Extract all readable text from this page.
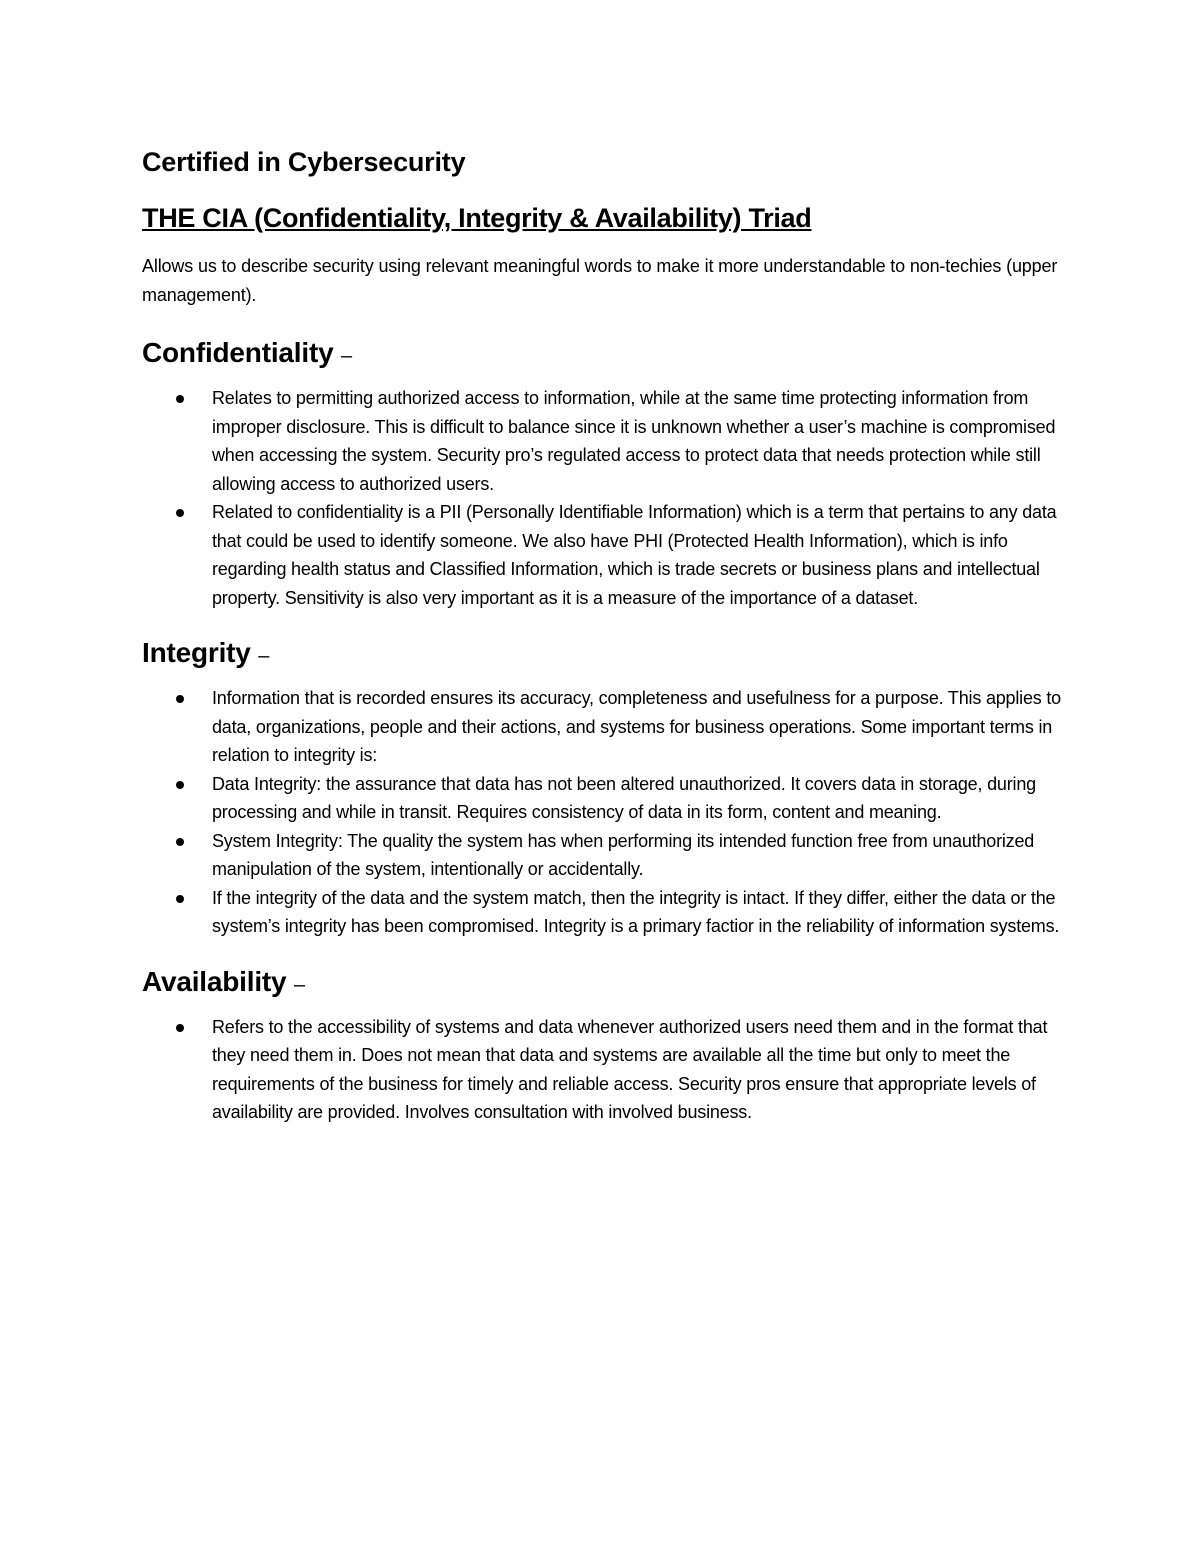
Certified in Cybersecurity
THE CIA (Confidentiality, Integrity & Availability) Triad

Allows us to describe security using relevant meaningful words to make it more understandable to non-techies (upper management).

Confidentiality –
Relates to permitting authorized access to information, while at the same time protecting information from improper disclosure. This is difficult to balance since it is unknown whether a user’s machine is compromised when accessing the system. Security pro’s regulated access to protect data that needs protection while still allowing access to authorized users.
Related to confidentiality is a PII (Personally Identifiable Information) which is a term that pertains to any data that could be used to identify someone. We also have PHI (Protected Health Information), which is info regarding health status and Classified Information, which is trade secrets or business plans and intellectual property. Sensitivity is also very important as it is a measure of the importance of a dataset.
Integrity –
Information that is recorded ensures its accuracy, completeness and usefulness for a purpose. This applies to data, organizations, people and their actions, and systems for business operations. Some important terms in relation to integrity is:
Data Integrity: the assurance that data has not been altered unauthorized. It covers data in storage, during processing and while in transit. Requires consistency of data in its form, content and meaning.
System Integrity: The quality the system has when performing its intended function free from unauthorized manipulation of the system, intentionally or accidentally.
If the integrity of the data and the system match, then the integrity is intact. If they differ, either the data or the system’s integrity has been compromised. Integrity is a primary factior in the reliability of information systems.
Availability –
Refers to the accessibility of systems and data whenever authorized users need them and in the format that they need them in. Does not mean that data and systems are available all the time but only to meet the requirements of the business for timely and reliable access. Security pros ensure that appropriate levels of availability are provided. Involves consultation with involved business.
